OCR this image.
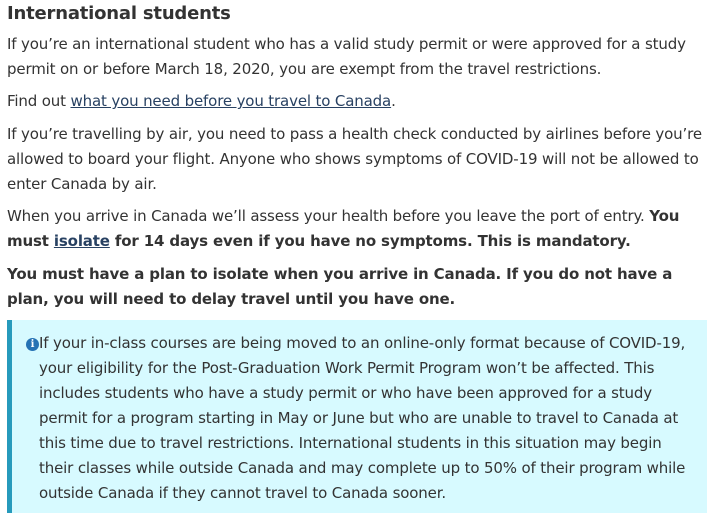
International students

If you’re an international student who has a valid study permit or were approved for a study permit on or before March 18, 2020, you are exempt from the travel restrictions.

Find out what you need before you travel to Canada.

If you’re travelling by air, you need to pass a health check conducted by airlines before you’re allowed to board your flight. Anyone who shows symptoms of COVID-19 will not be allowed to enter Canada by air.

When you arrive in Canada we’ll assess your health before you leave the port of entry. You must isolate for 14 days even if you have no symptoms. This is mandatory.

You must have a plan to isolate when you arrive in Canada. If you do not have a plan, you will need to delay travel until you have one.

i If your in-class courses are being moved to an online-only format because of COVID-19, your eligibility for the Post-Graduation Work Permit Program won’t be affected. This includes students who have a study permit or who have been approved for a study permit for a program starting in May or June but who are unable to travel to Canada at this time due to travel restrictions. International students in this situation may begin their classes while outside Canada and may complete up to 50% of their program while outside Canada if they cannot travel to Canada sooner.
